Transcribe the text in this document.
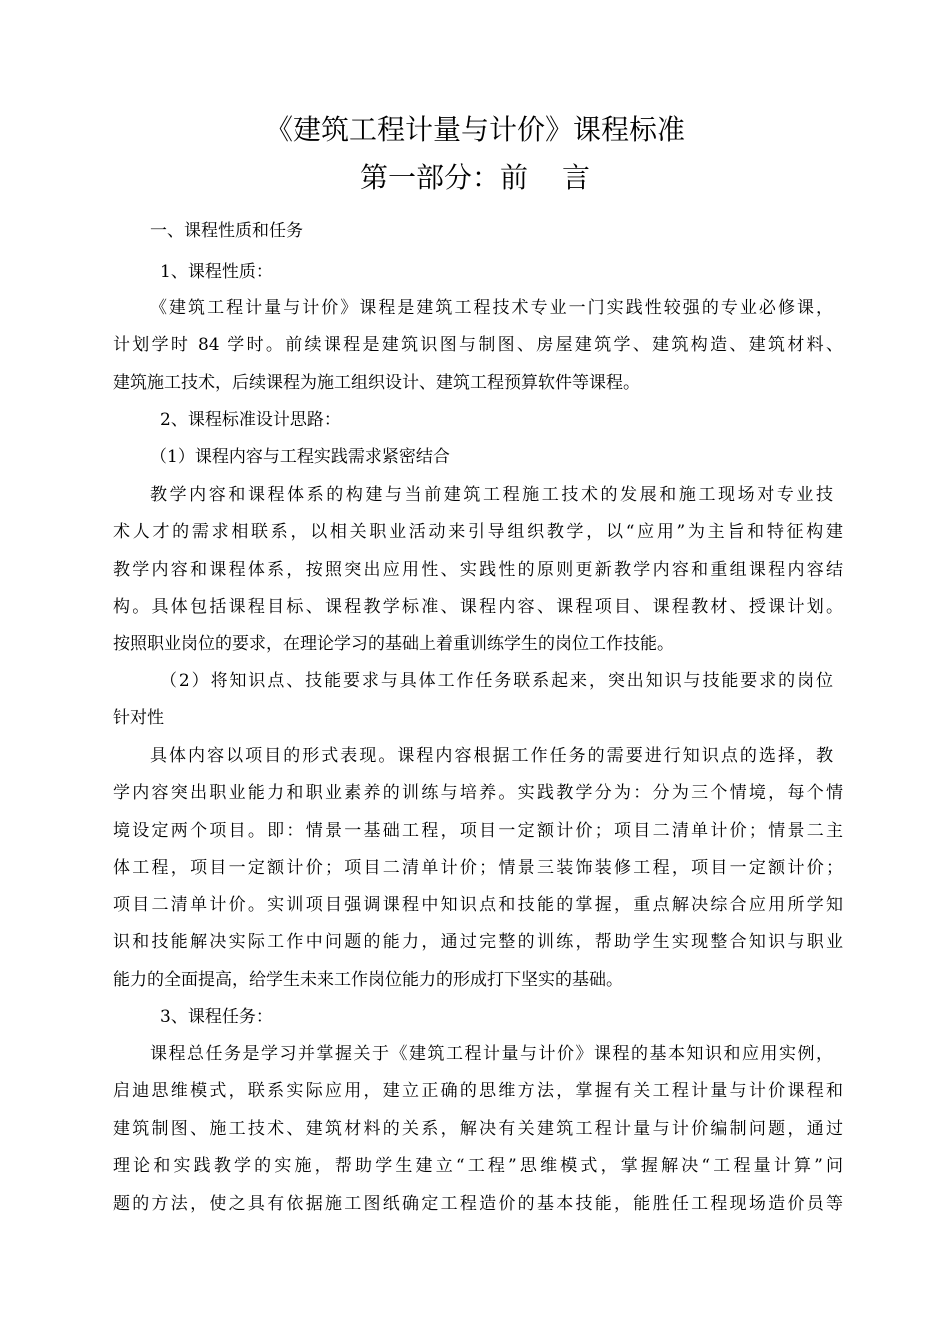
《建筑工程计量与计价》课程标准
第一部分：前 言
一、课程性质和任务
1、课程性质：
《建筑工程计量与计价》课程是建筑工程技术专业一门实践性较强的专业必修课，
计划学时 84 学时。前续课程是建筑识图与制图、房屋建筑学、建筑构造、建筑材料、
建筑施工技术，后续课程为施工组织设计、建筑工程预算软件等课程。
2、课程标准设计思路：
（1）课程内容与工程实践需求紧密结合
教学内容和课程体系的构建与当前建筑工程施工技术的发展和施工现场对专业技
术人才的需求相联系，以相关职业活动来引导组织教学，以“应用”为主旨和特征构建
教学内容和课程体系，按照突出应用性、实践性的原则更新教学内容和重组课程内容结
构。具体包括课程目标、课程教学标准、课程内容、课程项目、课程教材、授课计划。
按照职业岗位的要求，在理论学习的基础上着重训练学生的岗位工作技能。
（2）将知识点、技能要求与具体工作任务联系起来，突出知识与技能要求的岗位
针对性
具体内容以项目的形式表现。课程内容根据工作任务的需要进行知识点的选择，教
学内容突出职业能力和职业素养的训练与培养。实践教学分为：分为三个情境，每个情
境设定两个项目。即：情景一基础工程，项目一定额计价；项目二清单计价；情景二主
体工程，项目一定额计价；项目二清单计价；情景三装饰装修工程，项目一定额计价；
项目二清单计价。实训项目强调课程中知识点和技能的掌握，重点解决综合应用所学知
识和技能解决实际工作中问题的能力，通过完整的训练，帮助学生实现整合知识与职业
能力的全面提高，给学生未来工作岗位能力的形成打下坚实的基础。
3、课程任务：
课程总任务是学习并掌握关于《建筑工程计量与计价》课程的基本知识和应用实例，
启迪思维模式，联系实际应用，建立正确的思维方法，掌握有关工程计量与计价课程和
建筑制图、施工技术、建筑材料的关系，解决有关建筑工程计量与计价编制问题，通过
理论和实践教学的实施，帮助学生建立“工程”思维模式，掌握解决“工程量计算”问
题的方法，使之具有依据施工图纸确定工程造价的基本技能，能胜任工程现场造价员等
